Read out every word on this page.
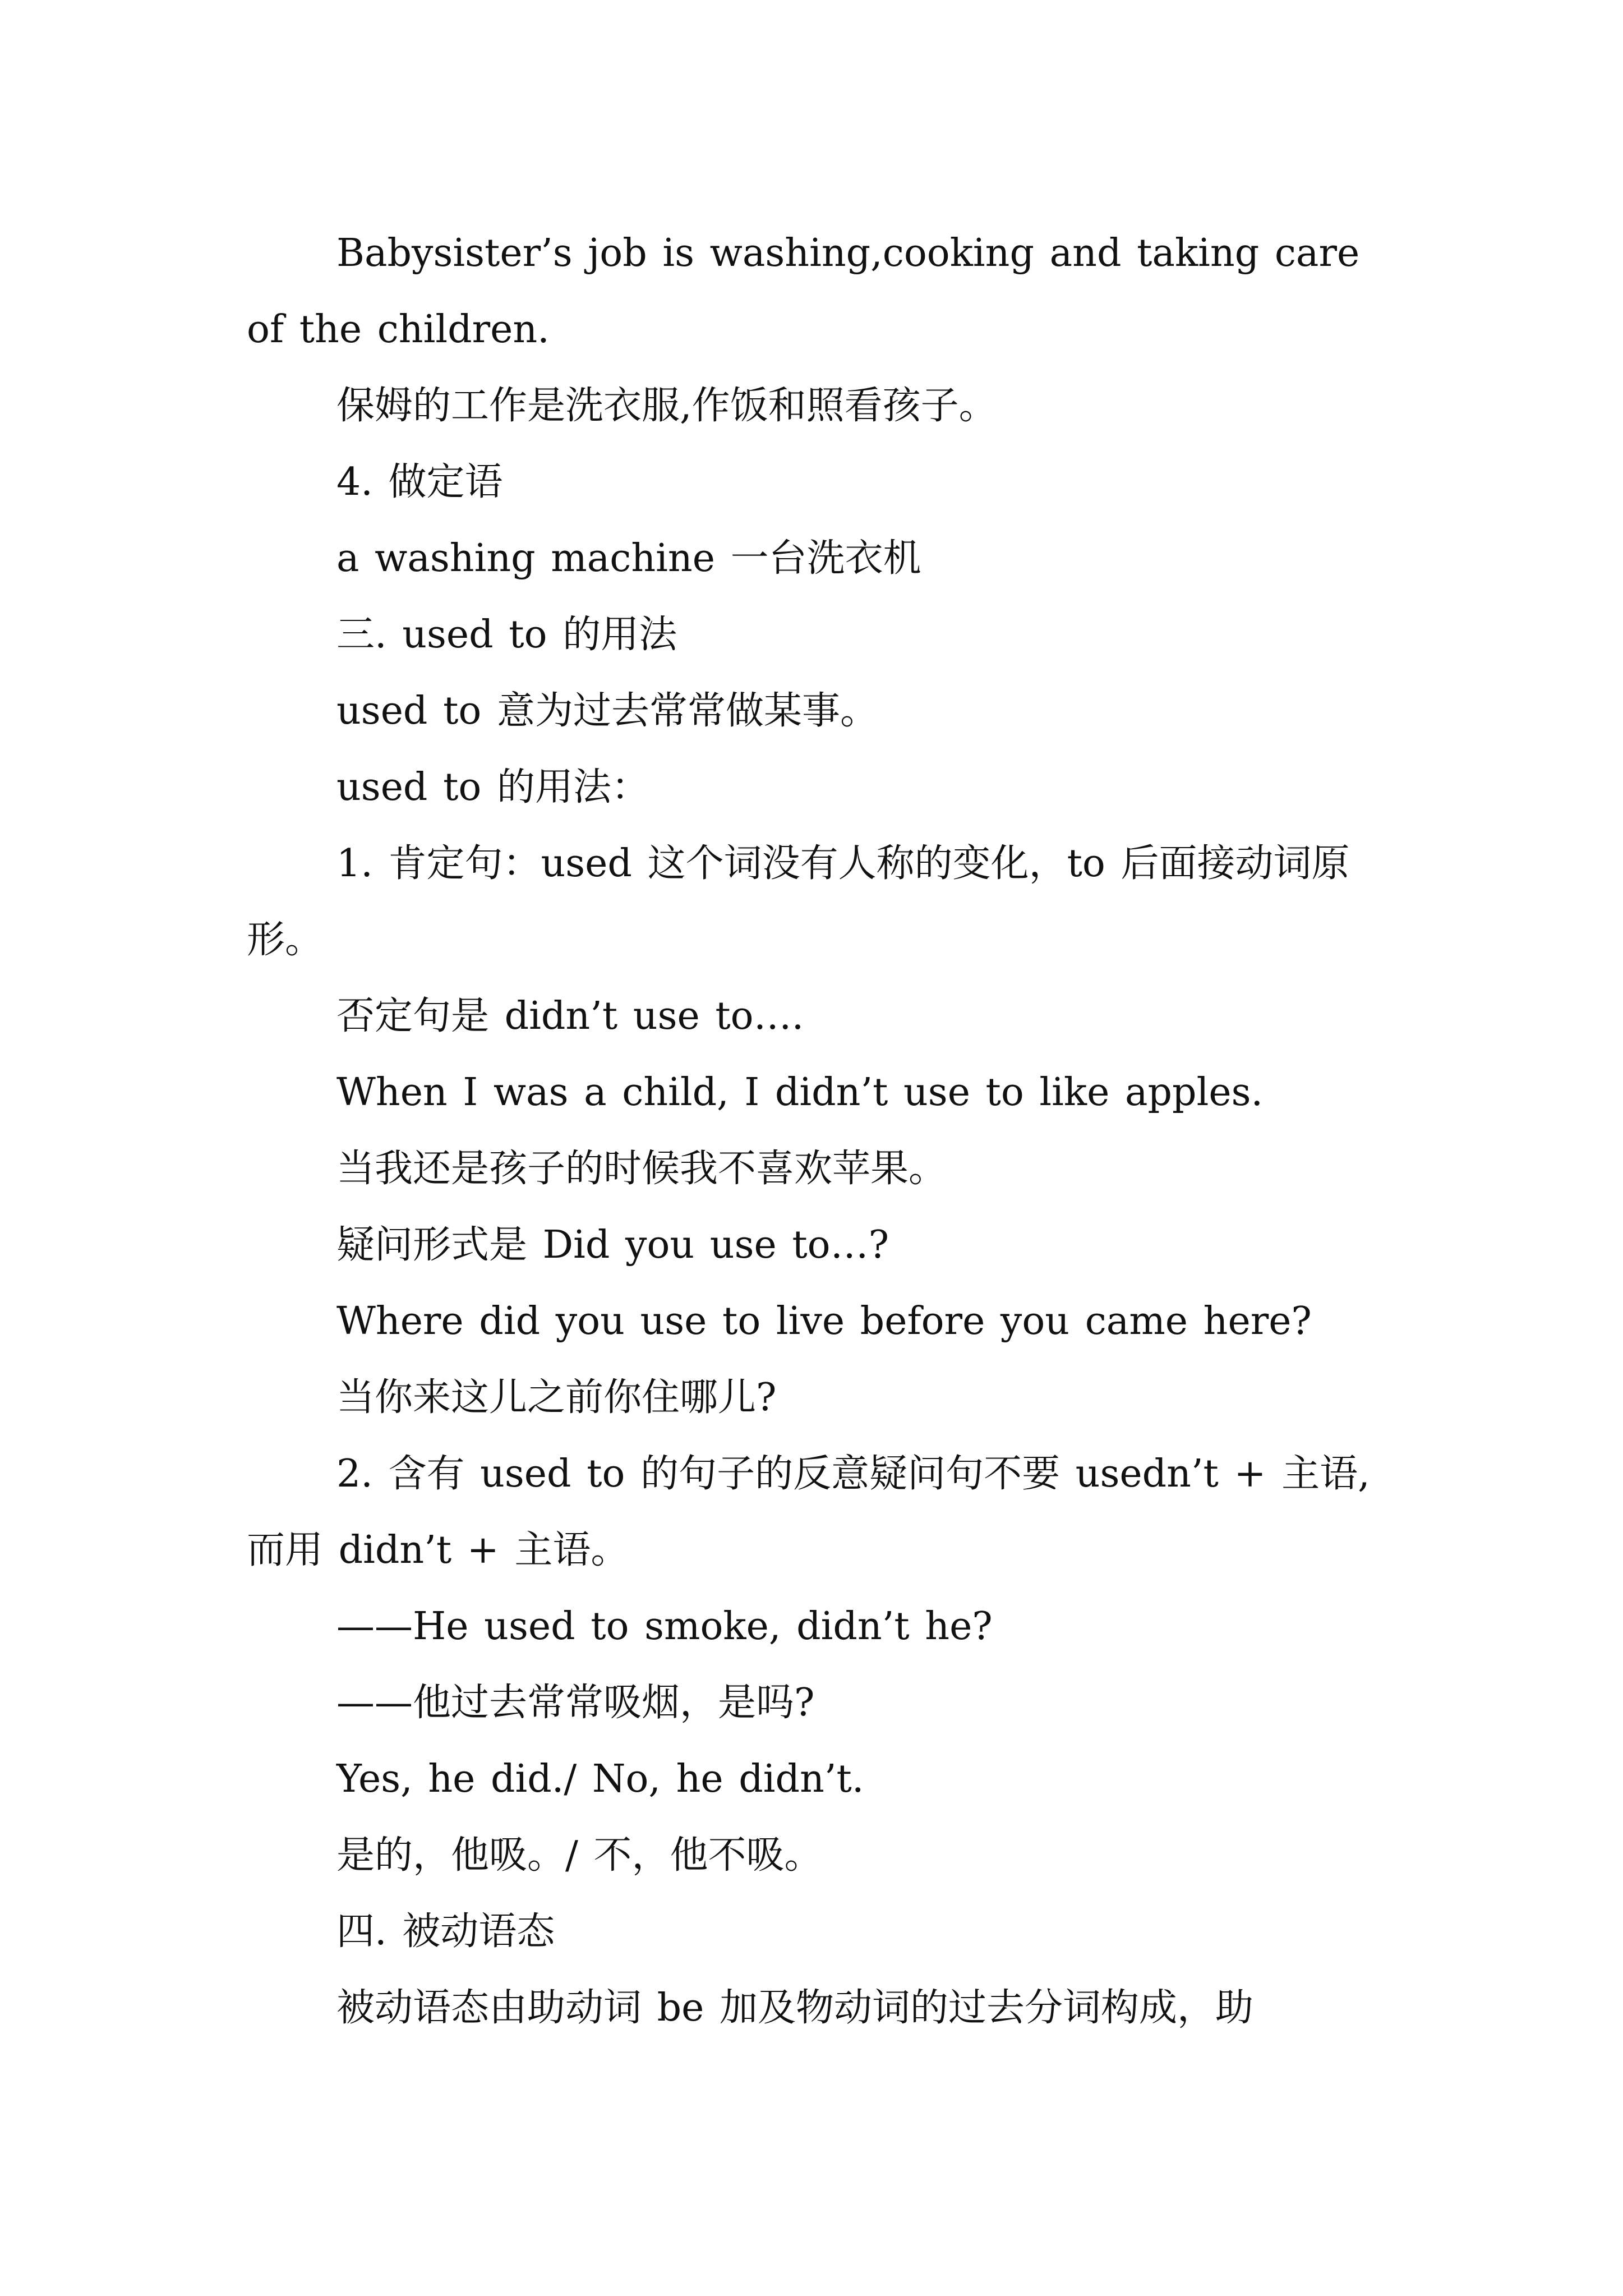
Babysister’s job is washing,cooking and taking care of the children.

保姆的工作是洗衣服,作饭和照看孩子。

4. 做定语

a washing machine 一台洗衣机

三. used to 的用法

used to 意为过去常常做某事。

used to 的用法：

1. 肯定句：used 这个词没有人称的变化，to 后面接动词原形。

否定句是 didn’t use to….

When I was a child, I didn’t use to like apples.

当我还是孩子的时候我不喜欢苹果。

疑问形式是 Did you use to…?

Where did you use to live before you came here?

当你来这儿之前你住哪儿?

2. 含有 used to 的句子的反意疑问句不要 usedn’t + 主语,而用 didn’t + 主语。

——He used to smoke, didn’t he?

——他过去常常吸烟，是吗?

Yes, he did./ No, he didn’t.

是的，他吸。/ 不，他不吸。

四. 被动语态

被动语态由助动词 be 加及物动词的过去分词构成，助
